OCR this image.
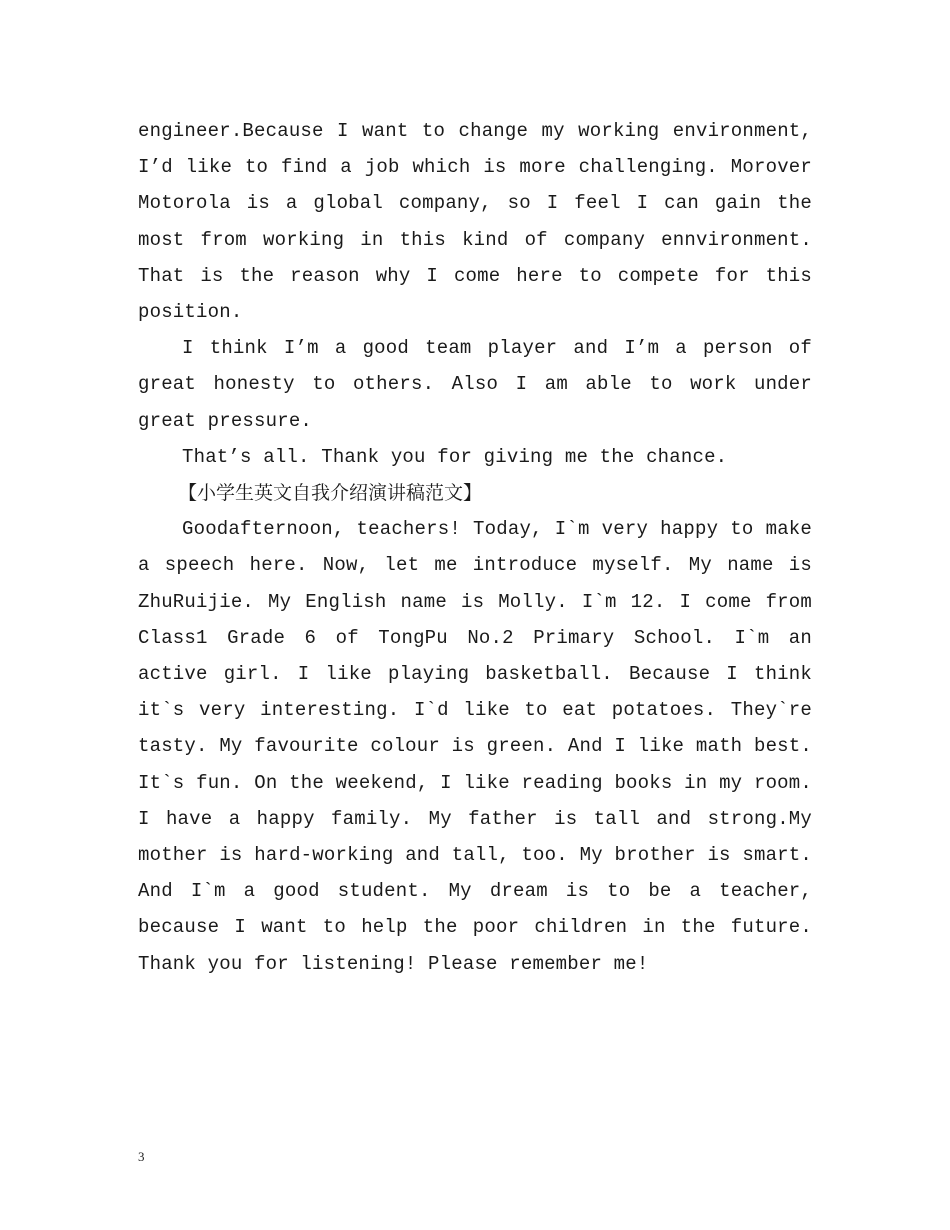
engineer.Because I want to change my working environment, I’d like to find a job which is more challenging. Morover Motorola is a global company, so I feel I can gain the most from working in this kind of company ennvironment. That is the reason why I come here to compete for this position.

I think I’m a good team player and I’m a person of great honesty to others. Also I am able to work under great pressure.

That’s all. Thank you for giving me the chance.

【小学生英文自我介绍演讲稿范文】

Goodafternoon, teachers! Today, I`m very happy to make a speech here. Now, let me introduce myself. My name is ZhuRuijie. My English name is Molly. I`m 12. I come from Class1 Grade 6 of TongPu No.2 Primary School. I`m an active girl. I like playing basketball. Because I think it`s very interesting. I`d like to eat potatoes. They`re tasty. My favourite colour is green. And I like math best. It`s fun. On the weekend, I like reading books in my room. I have a happy family. My father is tall and strong.My mother is hard-working and tall, too. My brother is smart. And I`m a good student. My dream is to be a teacher, because I want to help the poor children in the future. Thank you for listening! Please remember me!

3
